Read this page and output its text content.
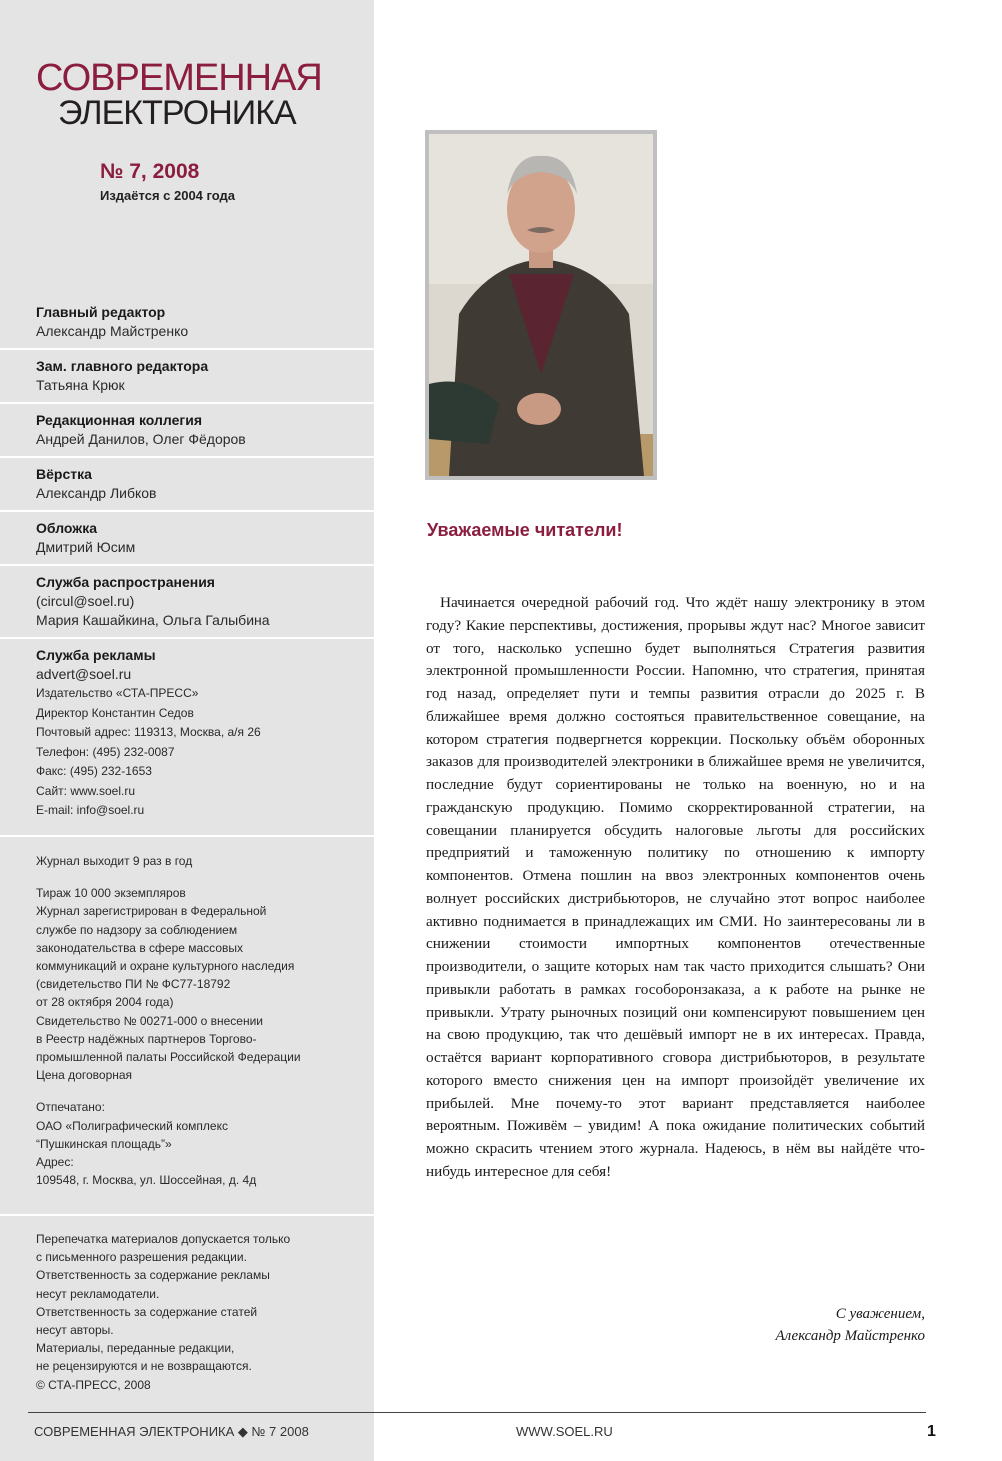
СОВРЕМЕННАЯ
ЭЛЕКТРОНИКА
№ 7, 2008
Издаётся с 2004 года
Главный редактор
Александр Майстренко
Зам. главного редактора
Татьяна Крюк
Редакционная коллегия
Андрей Данилов, Олег Фёдоров
Вёрстка
Александр Либков
Обложка
Дмитрий Юсим
Служба распространения
(circul@soel.ru)
Мария Кашайкина, Ольга Галыбина
Служба рекламы
advert@soel.ru
Издательство «СТА-ПРЕСС»
Директор Константин Седов
Почтовый адрес: 119313, Москва, а/я 26
Телефон: (495) 232-0087
Факс: (495) 232-1653
Сайт: www.soel.ru
E-mail: info@soel.ru
Журнал выходит 9 раз в год
Тираж 10 000 экземпляров
Журнал зарегистрирован в Федеральной
службе по надзору за соблюдением
законодательства в сфере массовых
коммуникаций и охране культурного наследия
(свидетельство ПИ № ФС77-18792
от 28 октября 2004 года)
Свидетельство № 00271-000 о внесении
в Реестр надёжных партнеров Торгово-
промышленной палаты Российской Федерации
Цена договорная
Отпечатано:
ОАО «Полиграфический комплекс
“Пушкинская площадь”»
Адрес:
109548, г. Москва, ул. Шоссейная, д. 4д
Перепечатка материалов допускается только
с письменного разрешения редакции.
Ответственность за содержание рекламы
несут рекламодатели.
Ответственность за содержание статей
несут авторы.
Материалы, переданные редакции,
не рецензируются и не возвращаются.
© СТА-ПРЕСС, 2008
Уважаемые читатели!
Начинается очередной рабочий год. Что ждёт нашу электронику в этом году? Какие перспективы, достижения, прорывы ждут нас? Многое зависит от того, насколько успешно будет выполняться Стратегия развития электронной промышленности России. Напомню, что стратегия, принятая год назад, определяет пути и темпы развития отрасли до 2025 г. В ближайшее время должно состояться правительственное совещание, на котором стратегия подвергнется коррекции. Поскольку объём оборонных заказов для производителей электроники в ближайшее время не увеличится, последние будут сориентированы не только на военную, но и на гражданскую продукцию. Помимо скорректированной стратегии, на совещании планируется обсудить налоговые льготы для российских предприятий и таможенную политику по отношению к импорту компонентов. Отмена пошлин на ввоз электронных компонентов очень волнует российских дистрибьюторов, не случайно этот вопрос наиболее активно поднимается в принадлежащих им СМИ. Но заинтересованы ли в снижении стоимости импортных компонентов отечественные производители, о защите которых нам так часто приходится слышать? Они привыкли работать в рамках гособоронзаказа, а к работе на рынке не привыкли. Утрату рыночных позиций они компенсируют повышением цен на свою продукцию, так что дешёвый импорт не в их интересах. Правда, остаётся вариант корпоративного сговора дистрибьюторов, в результате которого вместо снижения цен на импорт произойдёт увеличение их прибылей. Мне почему-то этот вариант представляется наиболее вероятным. Поживём – увидим! А пока ожидание политических событий можно скрасить чтением этого журнала. Надеюсь, в нём вы найдёте что-нибудь интересное для себя!
С уважением,
Александр Майстренко
СОВРЕМЕННАЯ ЭЛЕКТРОНИКА ◆ № 7 2008	WWW.SOEL.RU	1
